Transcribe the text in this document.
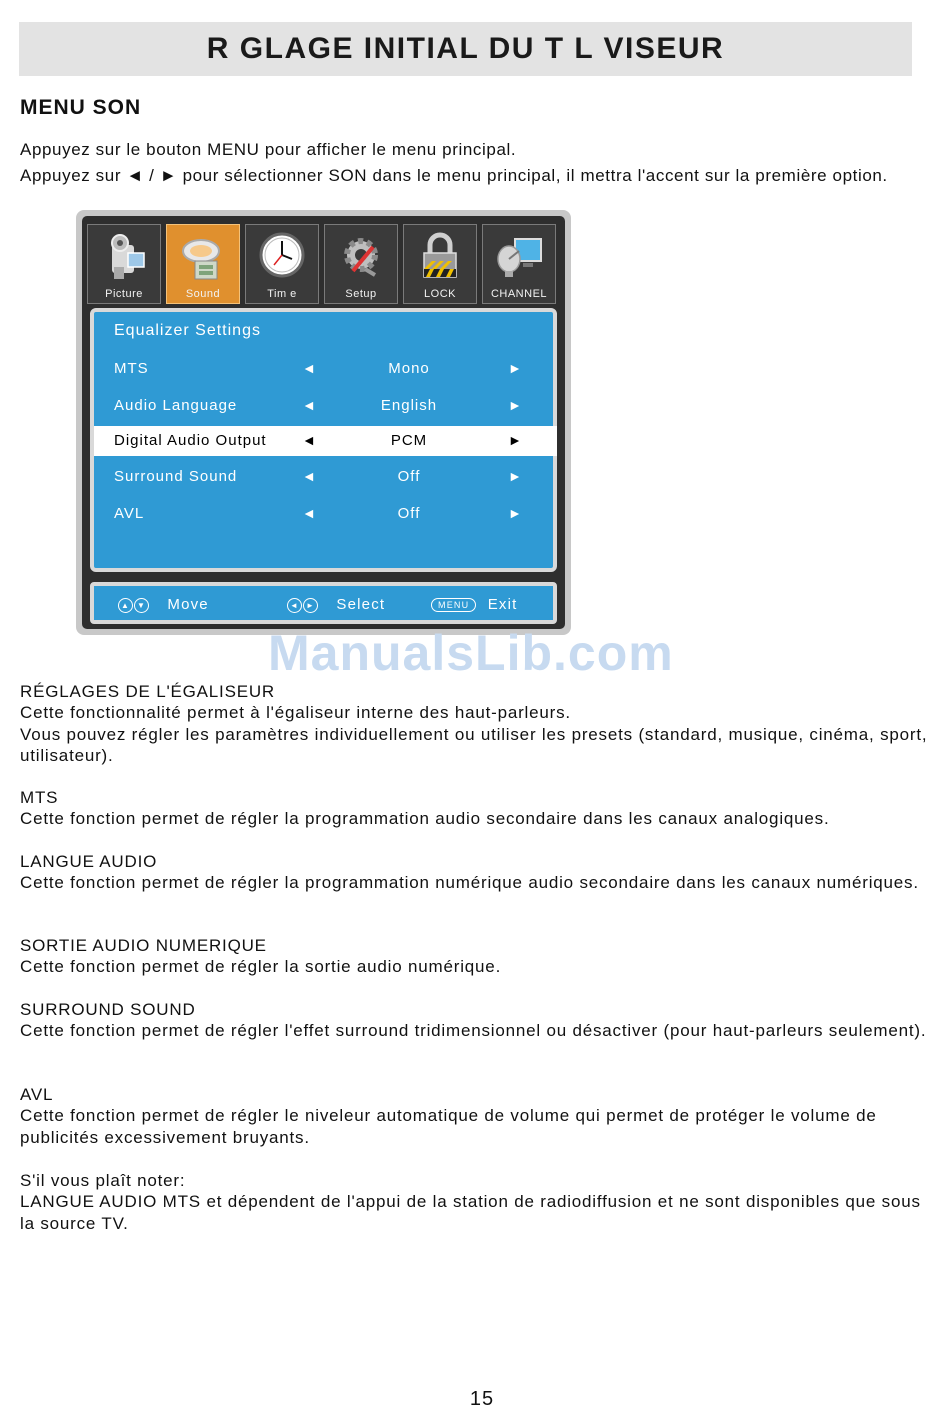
R GLAGE INITIAL DU T L VISEUR
MENU SON
Appuyez sur le bouton MENU pour afficher le menu principal.
Appuyez sur ◄ / ► pour sélectionner SON dans le menu principal, il mettra l'accent sur la première option.
Picture	Sound	Tim e	Setup	LOCK	CHANNEL
Equalizer Settings
MTS	◄	Mono	►
Audio Language	◄	English	►
Digital Audio Output	◄	PCM	►
Surround Sound	◄	Off	►
AVL	◄	Off	►
▲ ▼ Move	◄ ► Select	MENU Exit
ManualsLib.com

RÉGLAGES DE L'ÉGALISEUR

Cette fonctionnalité permet à l'égaliseur interne des haut-parleurs.

Vous pouvez régler les paramètres individuellement ou utiliser les presets (standard, musique, cinéma, sport, utilisateur).

MTS

Cette fonction permet de régler la programmation audio secondaire dans les canaux analogiques.

LANGUE AUDIO

Cette fonction permet de régler la programmation numérique audio secondaire dans les canaux numériques.

SORTIE AUDIO NUMERIQUE

Cette fonction permet de régler la sortie audio numérique.

SURROUND SOUND

Cette fonction permet de régler l'effet surround tridimensionnel ou désactiver (pour haut-parleurs seulement).

AVL

Cette fonction permet de régler le niveleur automatique de volume qui permet de protéger le volume de publicités excessivement bruyants.

S'il vous plaît noter:

LANGUE AUDIO MTS et dépendent de l'appui de la station de radiodiffusion et ne sont disponibles que sous la source TV.

15
